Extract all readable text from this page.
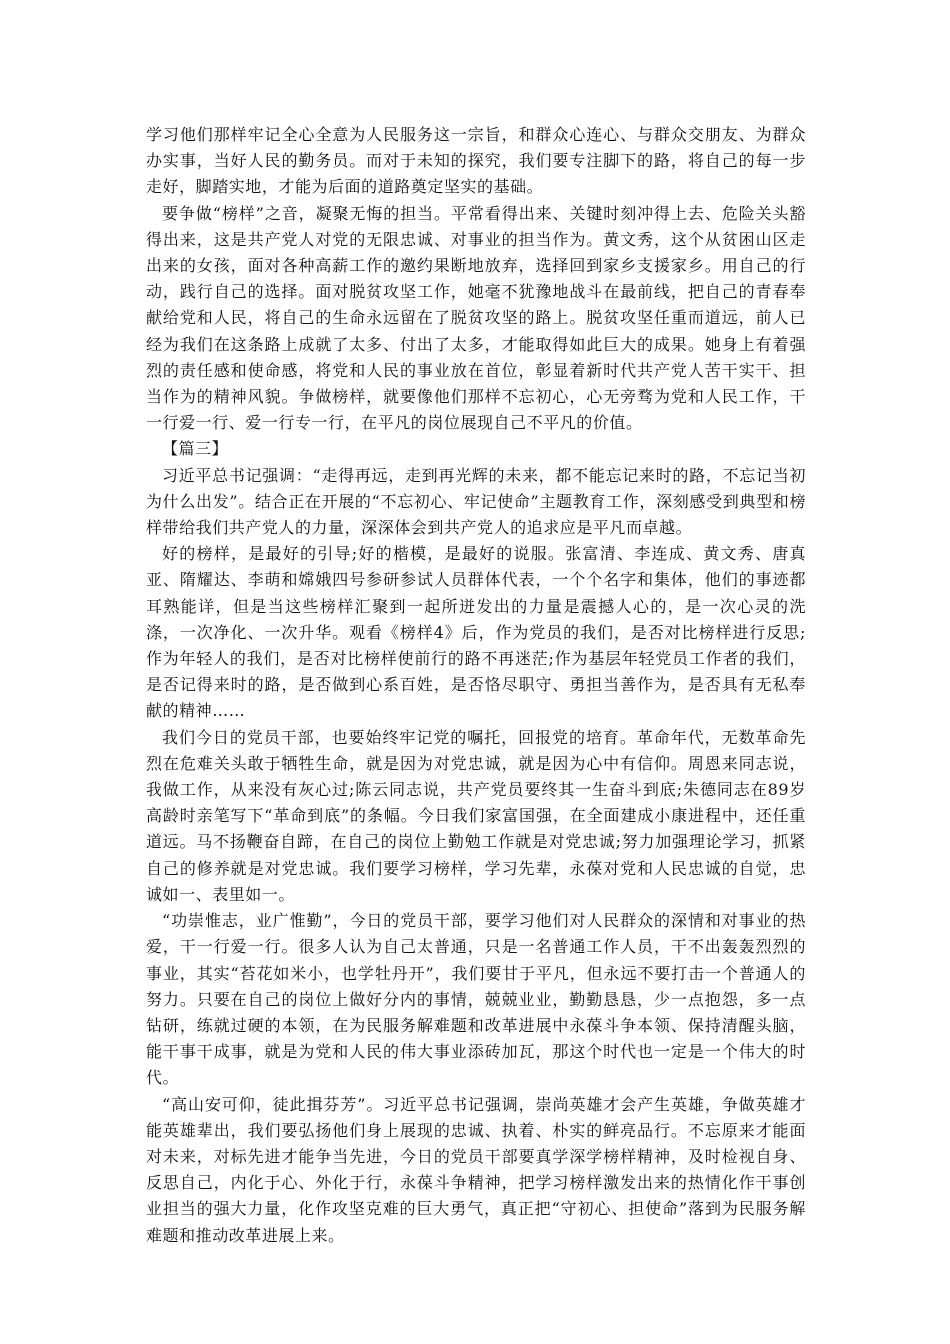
学习他们那样牢记全心全意为人民服务这一宗旨，和群众心连心、与群众交朋友、为群众办实事，当好人民的勤务员。而对于未知的探究，我们要专注脚下的路，将自己的每一步走好，脚踏实地，才能为后面的道路奠定坚实的基础。

要争做“榜样”之音，凝聚无悔的担当。平常看得出来、关键时刻冲得上去、危险关头豁得出来，这是共产党人对党的无限忠诚、对事业的担当作为。黄文秀，这个从贫困山区走出来的女孩，面对各种高薪工作的邀约果断地放弃，选择回到家乡支援家乡。用自己的行动，践行自己的选择。面对脱贫攻坚工作，她毫不犹豫地战斗在最前线，把自己的青春奉献给党和人民，将自己的生命永远留在了脱贫攻坚的路上。脱贫攻坚任重而道远，前人已经为我们在这条路上成就了太多、付出了太多，才能取得如此巨大的成果。她身上有着强烈的责任感和使命感，将党和人民的事业放在首位，彰显着新时代共产党人苦干实干、担当作为的精神风貌。争做榜样，就要像他们那样不忘初心，心无旁骛为党和人民工作，干一行爱一行、爱一行专一行，在平凡的岗位展现自己不平凡的价值。

【篇三】

习近平总书记强调：“走得再远，走到再光辉的未来，都不能忘记来时的路，不忘记当初为什么出发”。结合正在开展的“不忘初心、牢记使命”主题教育工作，深刻感受到典型和榜样带给我们共产党人的力量，深深体会到共产党人的追求应是平凡而卓越。

好的榜样，是最好的引导;好的楷模，是最好的说服。张富清、李连成、黄文秀、唐真亚、隋耀达、李萌和嫦娥四号参研参试人员群体代表，一个个名字和集体，他们的事迹都耳熟能详，但是当这些榜样汇聚到一起所迸发出的力量是震撼人心的，是一次心灵的洗涤，一次净化、一次升华。观看《榜样4》后，作为党员的我们，是否对比榜样进行反思;作为年轻人的我们，是否对比榜样使前行的路不再迷茫;作为基层年轻党员工作者的我们，是否记得来时的路，是否做到心系百姓，是否恪尽职守、勇担当善作为，是否具有无私奉献的精神……

我们今日的党员干部，也要始终牢记党的嘱托，回报党的培育。革命年代，无数革命先烈在危难关头敢于牺牲生命，就是因为对党忠诚，就是因为心中有信仰。周恩来同志说，我做工作，从来没有灰心过;陈云同志说，共产党员要终其一生奋斗到底;朱德同志在89岁高龄时亲笔写下“革命到底”的条幅。今日我们家富国强，在全面建成小康进程中，还任重道远。马不扬鞭奋自蹄，在自己的岗位上勤勉工作就是对党忠诚;努力加强理论学习，抓紧自己的修养就是对党忠诚。我们要学习榜样，学习先辈，永葆对党和人民忠诚的自觉，忠诚如一、表里如一。

“功崇惟志，业广惟勤”，今日的党员干部，要学习他们对人民群众的深情和对事业的热爱，干一行爱一行。很多人认为自己太普通，只是一名普通工作人员，干不出轰轰烈烈的事业，其实“苔花如米小，也学牡丹开”，我们要甘于平凡，但永远不要打击一个普通人的努力。只要在自己的岗位上做好分内的事情，兢兢业业，勤勤恳恳，少一点抱怨，多一点钻研，练就过硬的本领，在为民服务解难题和改革进展中永葆斗争本领、保持清醒头脑，能干事干成事，就是为党和人民的伟大事业添砖加瓦，那这个时代也一定是一个伟大的时代。

“高山安可仰，徒此揖芬芳”。习近平总书记强调，崇尚英雄才会产生英雄，争做英雄才能英雄辈出，我们要弘扬他们身上展现的忠诚、执着、朴实的鲜亮品行。不忘原来才能面对未来，对标先进才能争当先进，今日的党员干部要真学深学榜样精神，及时检视自身、反思自己，内化于心、外化于行，永葆斗争精神，把学习榜样激发出来的热情化作干事创业担当的强大力量，化作攻坚克难的巨大勇气，真正把“守初心、担使命”落到为民服务解难题和推动改革进展上来。
